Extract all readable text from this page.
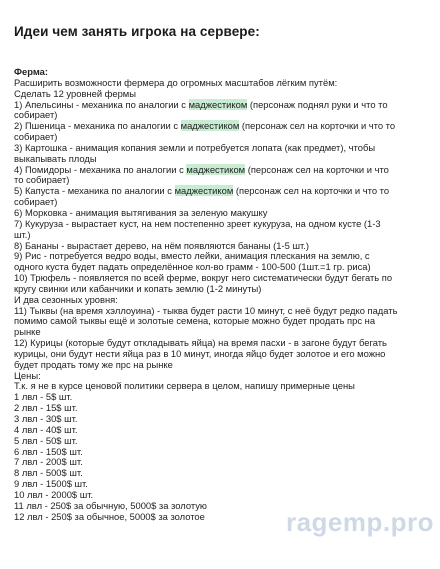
Идеи чем занять игрока на сервере:
Ферма:
Расширить возможности фермера до огромных масштабов лёгким путём:
Сделать 12 уровней фермы
1) Апельсины - механика по аналогии с маджестиком (персонаж поднял руки и что то
собирает)
2) Пшеница - механика по аналогии с маджестиком (персонаж сел на корточки и что то
собирает)
3) Картошка - анимация копания земли и потребуется лопата (как предмет), чтобы
выкапывать плоды
4) Помидоры - механика по аналогии с маджестиком (персонаж сел на корточки и что
то собирает)
5) Капуста - механика по аналогии с маджестиком (персонаж сел на корточки и что то
собирает)
6) Морковка - анимация вытягивания за зеленую макушку
7) Кукуруза - вырастает куст, на нем постепенно зреет кукуруза, на одном кусте (1-3
шт.)
8) Бананы - вырастает дерево, на нём появляются бананы (1-5 шт.)
9) Рис - потребуется ведро воды, вместо лейки, анимация плескания на землю, с
одного куста будет падать определённое кол-во грамм - 100-500 (1шт.=1 гр. риса)
10) Трюфель - появляется по всей ферме, вокруг него систематически будут бегать по
кругу свинки или кабанчики и копать землю (1-2 минуты)
И два сезонных уровня:
11) Тыквы (на время хэллоуина) - тыква будет расти 10 минут, с неё будут редко падать
помимо самой тыквы ещё и золотые семена, которые можно будет продать прс на
рынке
12) Курицы (которые будут откладывать яйца) на время пасхи - в загоне будут бегать
курицы, они будут нести яйца раз в 10 минут, иногда яйцо будет золотое и его можно
будет продать тому же прс на рынке
Цены:
Т.к. я не в курсе ценовой политики сервера в целом, напишу примерные цены
1 лвл - 5$ шт.
2 лвл - 15$ шт.
3 лвл - 30$ шт.
4 лвл - 40$ шт.
5 лвл - 50$ шт.
6 лвл - 150$ шт.
7 лвл - 200$ шт.
8 лвл - 500$ шт.
9 лвл - 1500$ шт.
10 лвл - 2000$ шт.
11 лвл - 250$ за обычную, 5000$ за золотую
12 лвл - 250$ за обычное, 5000$ за золотое	ragemp.pro
